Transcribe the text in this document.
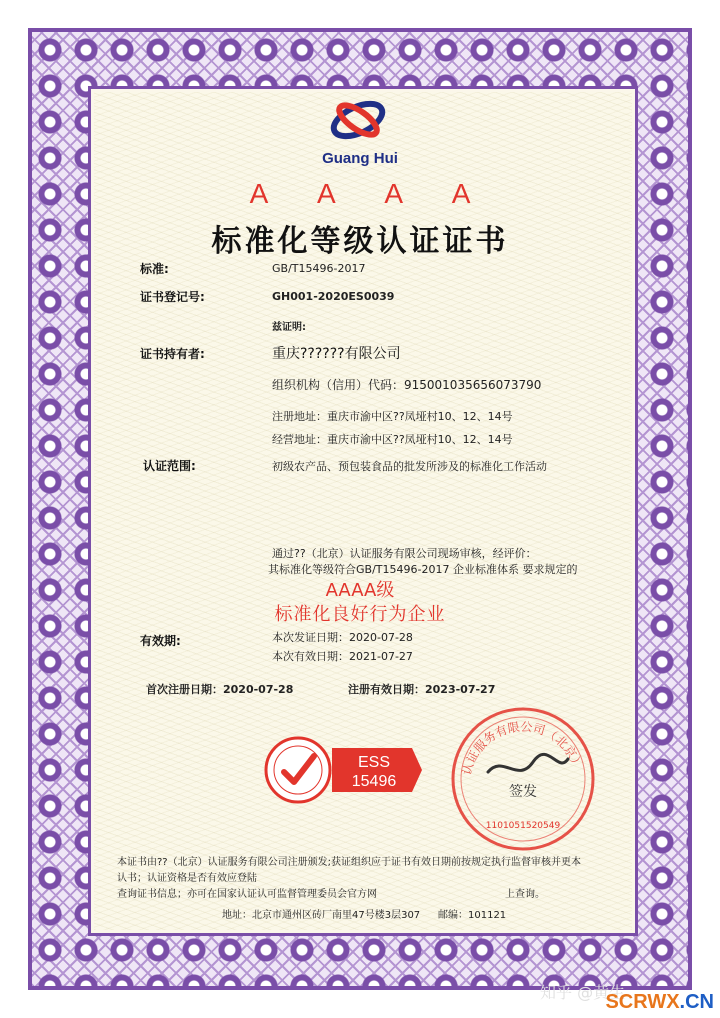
Guang Hui
A A A A
标准化等级认证证书
标准:	GB/T15496-2017
证书登记号:	GH001-2020ES0039
兹证明:
证书持有者:	重庆??????有限公司
组织机构（信用）代码：915001035656073790
注册地址：重庆市渝中区??凤垭村10、12、14号
经营地址：重庆市渝中区??凤垭村10、12、14号
认证范围:	初级农产品、预包装食品的批发所涉及的标准化工作活动
通过??（北京）认证服务有限公司现场审核，经评价：
其标准化等级符合GB/T15496-2017 企业标准体系 要求规定的
AAAA级
标准化良好行为企业
有效期:	本次发证日期：2020-07-28
本次有效日期：2021-07-27
首次注册日期：2020-07-28	注册有效日期：2023-07-27
ESS
15496
认证服务有限公司（北京）
签发
1101051520549
本证书由??（北京）认证服务有限公司注册颁发;获证组织应于证书有效日期前按规定执行监督审核并更本
认书；认证资格是否有效应登陆
查询证书信息；亦可在国家认证认可监督管理委员会官方网	上查询。
地址：北京市通州区砖厂南里47号楼3层307 邮编：101121
知乎 @黄生
SCRWX.CN
